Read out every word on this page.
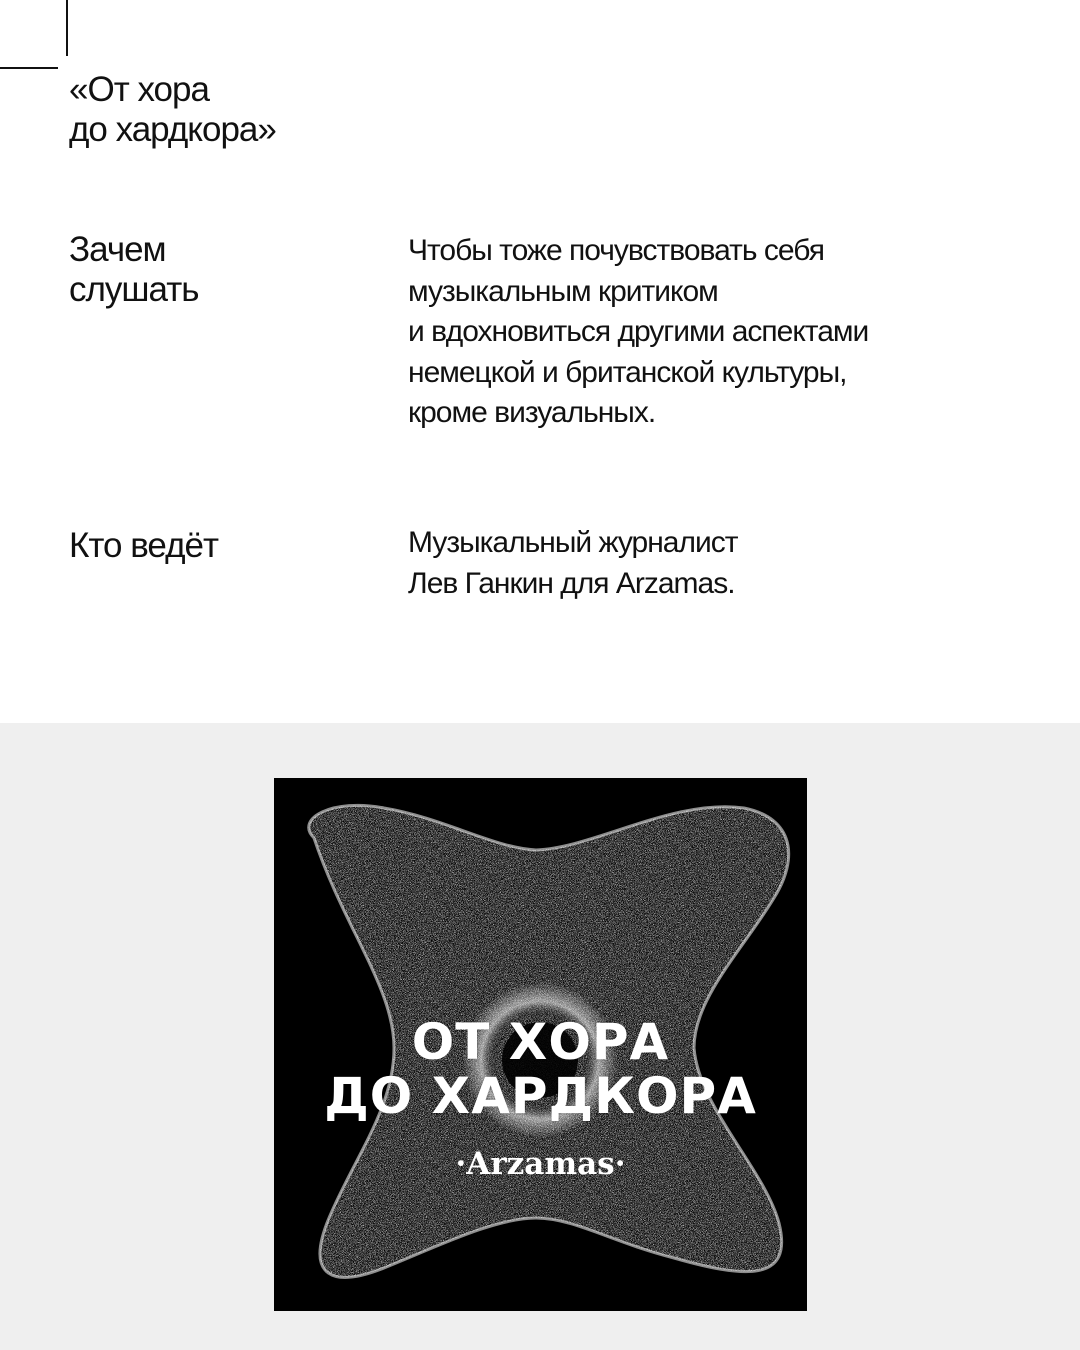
«От хора
до хардкора»

Зачем
слушать

Чтобы тоже почувствовать себя
музыкальным критиком
и вдохновиться другими аспектами
немецкой и британской культуры,
кроме визуальных.

Кто ведёт	Музыкальный журналист
Лев Ганкин для Arzamas.

ОТ ХОРА
ДО ХАРДКОРА
·Arzamas·
